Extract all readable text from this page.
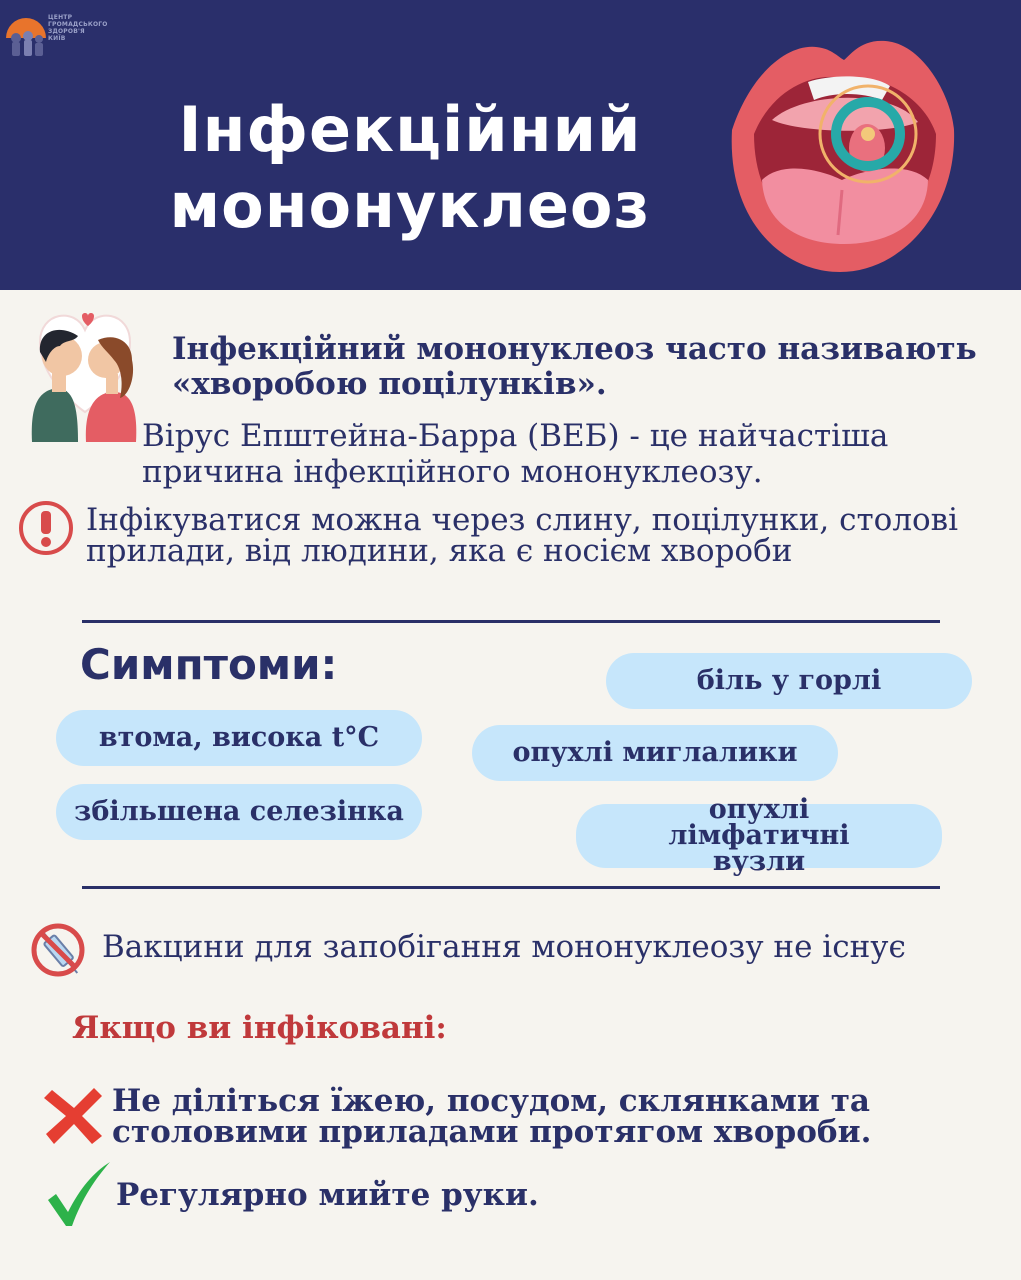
ЦЕНТР
ГРОМАДСЬКОГО
ЗДОРОВ'Я
КИЇВ
Інфекційний
мононуклеоз
Інфекційний мононуклеоз часто називають «хворобою поцілунків».
Вірус Епштейна-Барра (ВЕБ) - це найчастіша причина інфекційного мононуклеозу.
Інфікуватися можна через слину, поцілунки, столові прилади, від людини, яка є носієм хвороби
Симптоми:	біль у горлі
втома, висока t°C	опухлі миглалики
збільшена селезінка	опухлі лімфатичні вузли
Вакцини для запобігання мононуклеозу не існує
Якщо ви інфіковані:
Не діліться їжею, посудом, склянками та столовими приладами протягом хвороби.
Регулярно мийте руки.
